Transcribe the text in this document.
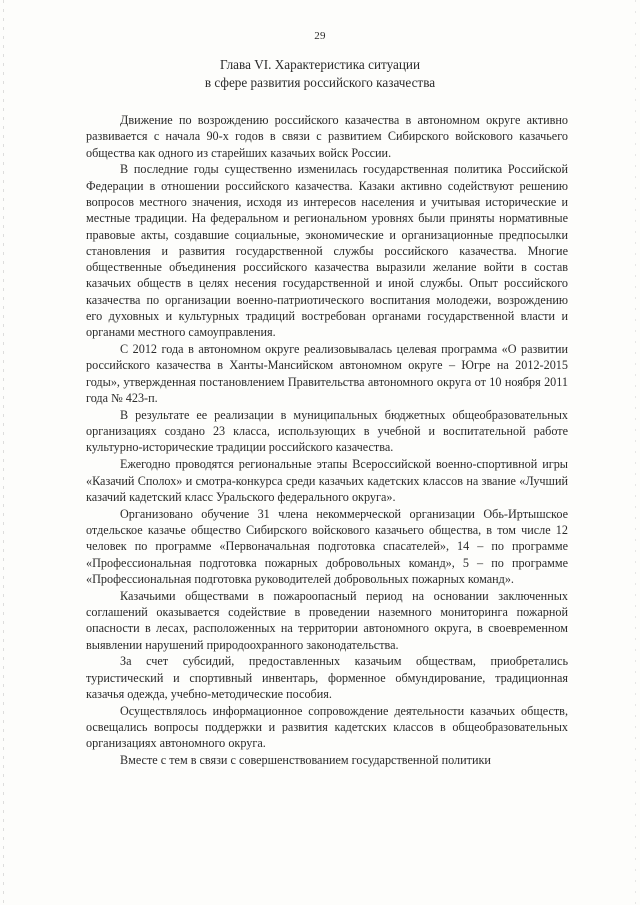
29
Глава VI. Характеристика ситуации
в сфере развития российского казачества

Движение по возрождению российского казачества в автономном округе активно развивается с начала 90-х годов в связи с развитием Сибирского войскового казачьего общества как одного из старейших казачьих войск России.

В последние годы существенно изменилась государственная политика Российской Федерации в отношении российского казачества. Казаки активно содействуют решению вопросов местного значения, исходя из интересов населения и учитывая исторические и местные традиции. На федеральном и региональном уровнях были приняты нормативные правовые акты, создавшие социальные, экономические и организационные предпосылки становления и развития государственной службы российского казачества. Многие общественные объединения российского казачества выразили желание войти в состав казачьих обществ в целях несения государственной и иной службы. Опыт российского казачества по организации военно-патриотического воспитания молодежи, возрождению его духовных и культурных традиций востребован органами государственной власти и органами местного самоуправления.

С 2012 года в автономном округе реализовывалась целевая программа «О развитии российского казачества в Ханты-Мансийском автономном округе – Югре на 2012-2015 годы», утвержденная постановлением Правительства автономного округа от 10 ноября 2011 года № 423-п.

В результате ее реализации в муниципальных бюджетных общеобразовательных организациях создано 23 класса, использующих в учебной и воспитательной работе культурно-исторические традиции российского казачества.

Ежегодно проводятся региональные этапы Всероссийской военно-спортивной игры «Казачий Сполох» и смотра-конкурса среди казачьих кадетских классов на звание «Лучший казачий кадетский класс Уральского федерального округа».

Организовано обучение 31 члена некоммерческой организации Обь-Иртышское отдельское казачье общество Сибирского войскового казачьего общества, в том числе 12 человек по программе «Первоначальная подготовка спасателей», 14 – по программе «Профессиональная подготовка пожарных добровольных команд», 5 – по программе «Профессиональная подготовка руководителей добровольных пожарных команд».

Казачьими обществами в пожароопасный период на основании заключенных соглашений оказывается содействие в проведении наземного мониторинга пожарной опасности в лесах, расположенных на территории автономного округа, в своевременном выявлении нарушений природоохранного законодательства.

За счет субсидий, предоставленных казачьим обществам, приобретались туристический и спортивный инвентарь, форменное обмундирование, традиционная казачья одежда, учебно-методические пособия.

Осуществлялось информационное сопровождение деятельности казачьих обществ, освещались вопросы поддержки и развития кадетских классов в общеобразовательных организациях автономного округа.

Вместе с тем в связи с совершенствованием государственной политики
